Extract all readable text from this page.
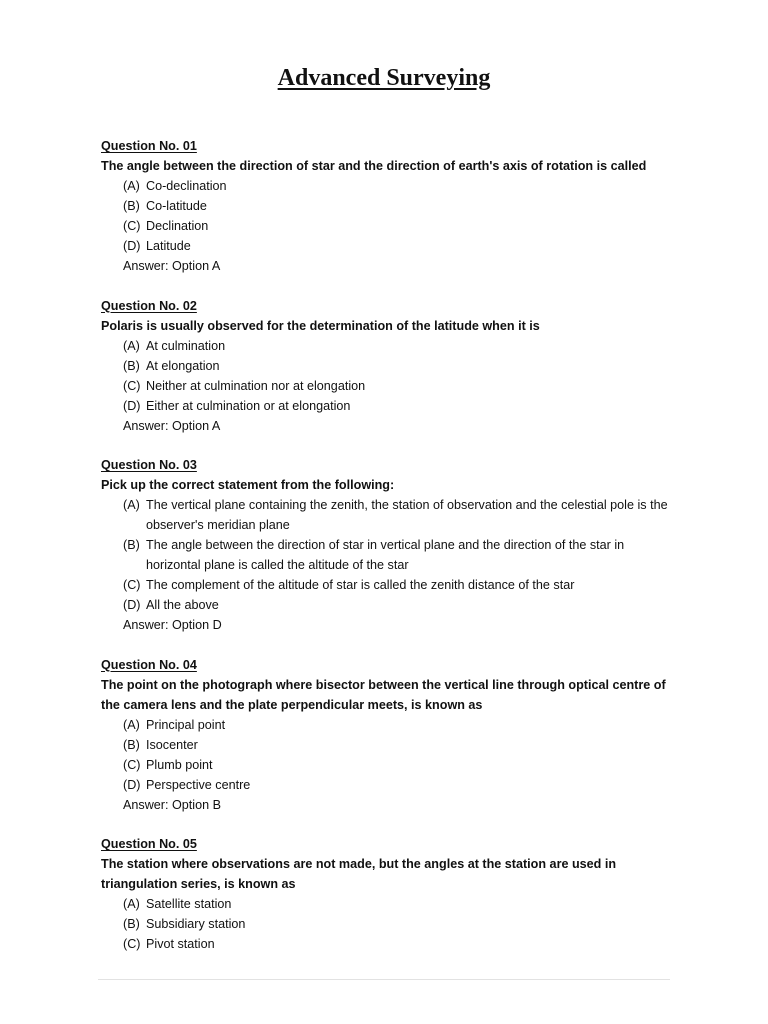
Advanced Surveying
Question No. 01
The angle between the direction of star and the direction of earth's axis of rotation is called
(A) Co-declination
(B) Co-latitude
(C) Declination
(D) Latitude
Answer: Option A
Question No. 02
Polaris is usually observed for the determination of the latitude when it is
(A) At culmination
(B) At elongation
(C) Neither at culmination nor at elongation
(D) Either at culmination or at elongation
Answer: Option A
Question No. 03
Pick up the correct statement from the following:
(A) The vertical plane containing the zenith, the station of observation and the celestial pole is the observer's meridian plane
(B) The angle between the direction of star in vertical plane and the direction of the star in horizontal plane is called the altitude of the star
(C) The complement of the altitude of star is called the zenith distance of the star
(D) All the above
Answer: Option D
Question No. 04
The point on the photograph where bisector between the vertical line through optical centre of the camera lens and the plate perpendicular meets, is known as
(A) Principal point
(B) Isocenter
(C) Plumb point
(D) Perspective centre
Answer: Option B
Question No. 05
The station where observations are not made, but the angles at the station are used in triangulation series, is known as
(A) Satellite station
(B) Subsidiary station
(C) Pivot station
